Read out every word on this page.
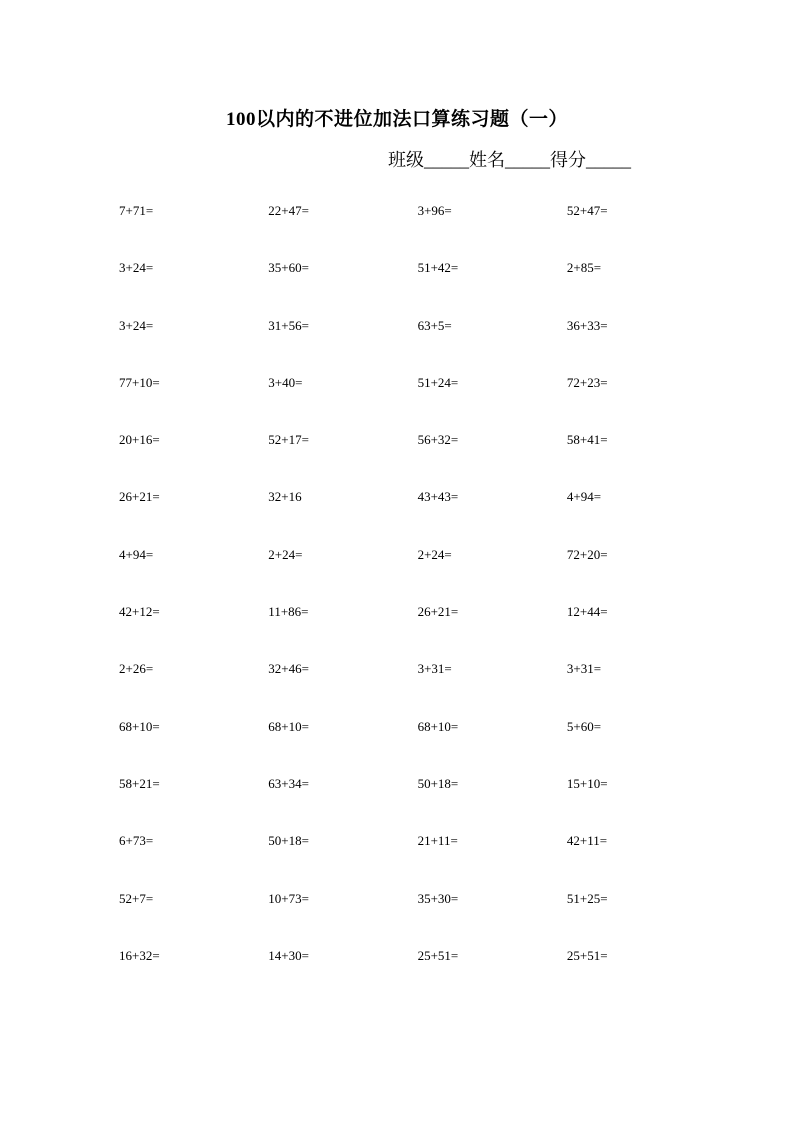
100以内的不进位加法口算练习题（一）
班级_____姓名_____得分_____
7+71=	22+47=	3+96=	52+47=
3+24=	35+60=	51+42=	2+85=
3+24=	31+56=	63+5=	36+33=
77+10=	3+40=	51+24=	72+23=
20+16=	52+17=	56+32=	58+41=
26+21=	32+16	43+43=	4+94=
4+94=	2+24=	2+24=	72+20=
42+12=	11+86=	26+21=	12+44=
2+26=	32+46=	3+31=	3+31=
68+10=	68+10=	68+10=	5+60=
58+21=	63+34=	50+18=	15+10=
6+73=	50+18=	21+11=	42+11=
52+7=	10+73=	35+30=	51+25=
16+32=	14+30=	25+51=	25+51=
